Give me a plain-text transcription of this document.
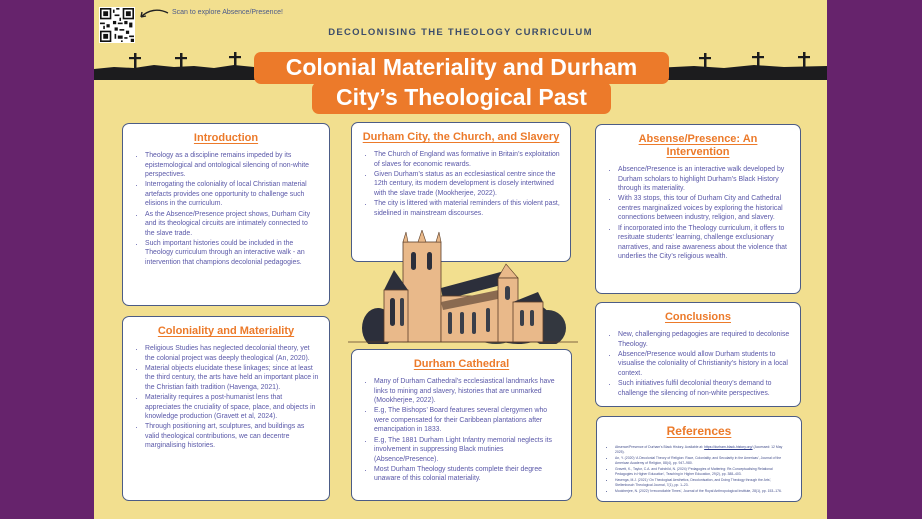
Scan to explore Absence/Presence!
DECOLONISING THE THEOLOGY CURRICULUM
Colonial Materiality and Durham
City’s Theological Past
Introduction
• Theology as a discipline remains impeded by its epistemological and ontological silencing of non-white perspectives.
• Interrogating the coloniality of local Christian material artefacts provides one opportunity to challenge such elisions in the curriculum.
• As the Absence/Presence project shows, Durham City and its theological circuits are intimately connected to the slave trade.
• Such important histories could be included in the Theology curriculum through an interactive walk - an intervention that champions decolonial pedagogies.
Coloniality and Materiality
• Religious Studies has neglected decolonial theory, yet the colonial project was deeply theological (An, 2020).
• Material objects elucidate these linkages; since at least the third century, the arts have held an important place in the Christian faith tradition (Havenga, 2021).
• Materiality requires a post-humanist lens that appreciates the cruciality of space, place, and objects in knowledge production (Gravett et al, 2024).
• Through positioning art, sculptures, and buildings as valid theological contributions, we can decentre marginalising histories.
Durham City, the Church, and Slavery
• The Church of England was formative in Britain’s exploitation of slaves for economic rewards.
• Given Durham’s status as an ecclesiastical centre since the 12th century, its modern development is closely intertwined with the slave trade (Mookherjee, 2022).
• The city is littered with material reminders of this violent past, sidelined in mainstream discourses.
Durham Cathedral
• Many of Durham Cathedral’s ecclesiastical landmarks have links to mining and slavery, histories that are unmarked (Mookherjee, 2022).
• E.g, The Bishops’ Board features several clergymen who were compensated for their Caribbean plantations after emancipation in 1833.
• E.g, The 1881 Durham Light Infantry memorial neglects its involvement in suppressing Black mutinies (Absence/Presence).
• Most Durham Theology students complete their degree unaware of this colonial materiality.
Absense/Presence: An Intervention
• Absence/Presence is an interactive walk developed by Durham scholars to highlight Durham’s Black History through its materiality.
• With 33 stops, this tour of Durham City and Cathedral centres marginalized voices by exploring the historical connections between industry, religion, and slavery.
• If incorporated into the Theology curriculum, it offers to resituate students’ learning, challenge exclusionary narratives, and raise awareness about the violence that underlies the City’s religious wealth.
Conclusions
• New, challenging pedagogies are required to decolonise Theology.
• Absence/Presence would allow Durham students to visualise the coloniality of Christianity’s history in a local context.
• Such initiatives fulfil decolonial theory’s demand to challenge the silencing of non-white perspectives.
References
• Absence/Presence of Durham’s Black History. Available at: https://durham-black-history.org/ (Accessed: 12 May 2025).
• An, Y. (2020) ‘A Decolonial Theory of Religion: Race, Coloniality, and Secularity in the Americas’, Journal of the American Academy of Religion, 88(4), pp. 947–980.
• Gravett, K., Taylor, C.A. and Fairchild, N. (2024) ‘Pedagogies of Mattering: Re-Conceptualising Relational Pedagogies in Higher Education’, Teaching in Higher Education, 29(2), pp. 388–403.
• Havenga, M.J. (2021) ‘On Theological Aesthetics, Decolonisation, and Doing Theology through the Arts’, Stellenbosch Theological Journal, 7(1), pp. 1–23.
• Mookherjee, N. (2022) ‘Irreconcilable Times’, Journal of the Royal Anthropological Institute, 28(1), pp. 153–176.
